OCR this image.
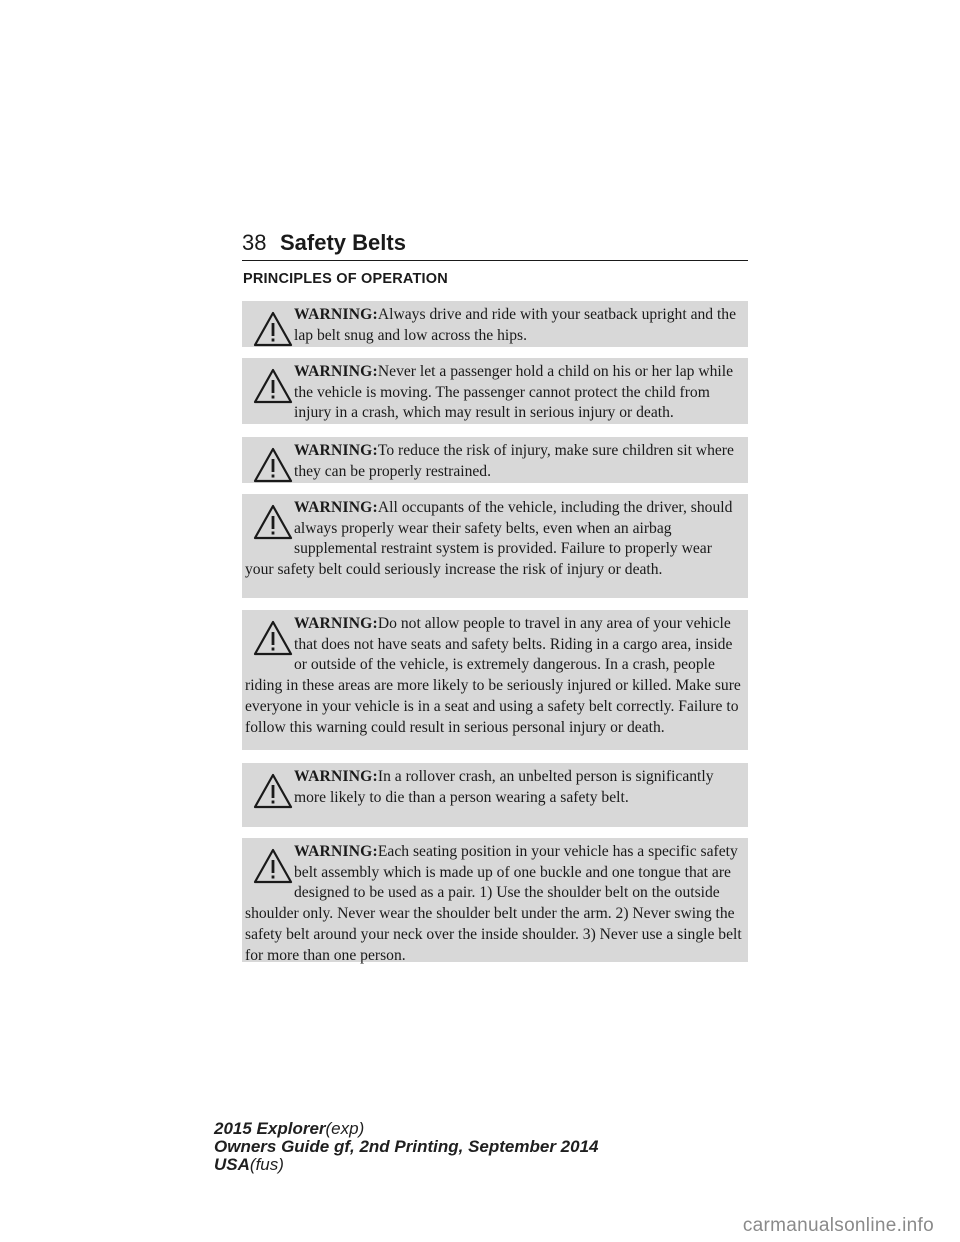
38 Safety Belts
PRINCIPLES OF OPERATION

WARNING:Always drive and ride with your seatback upright and the lap belt snug and low across the hips.

WARNING:Never let a passenger hold a child on his or her lap while the vehicle is moving. The passenger cannot protect the child from injury in a crash, which may result in serious injury or death.

WARNING:To reduce the risk of injury, make sure children sit where they can be properly restrained.

WARNING:All occupants of the vehicle, including the driver, should always properly wear their safety belts, even when an airbag supplemental restraint system is provided. Failure to properly wear your safety belt could seriously increase the risk of injury or death.

WARNING:Do not allow people to travel in any area of your vehicle that does not have seats and safety belts. Riding in a cargo area, inside or outside of the vehicle, is extremely dangerous. In a crash, people riding in these areas are more likely to be seriously injured or killed. Make sure everyone in your vehicle is in a seat and using a safety belt correctly. Failure to follow this warning could result in serious personal injury or death.

WARNING:In a rollover crash, an unbelted person is significantly more likely to die than a person wearing a safety belt.

WARNING:Each seating position in your vehicle has a specific safety belt assembly which is made up of one buckle and one tongue that are designed to be used as a pair. 1) Use the shoulder belt on the outside shoulder only. Never wear the shoulder belt under the arm. 2) Never swing the safety belt around your neck over the inside shoulder. 3) Never use a single belt for more than one person.

2015 Explorer(exp)
Owners Guide gf, 2nd Printing, September 2014
USA(fus)
carmanualsonline.info
